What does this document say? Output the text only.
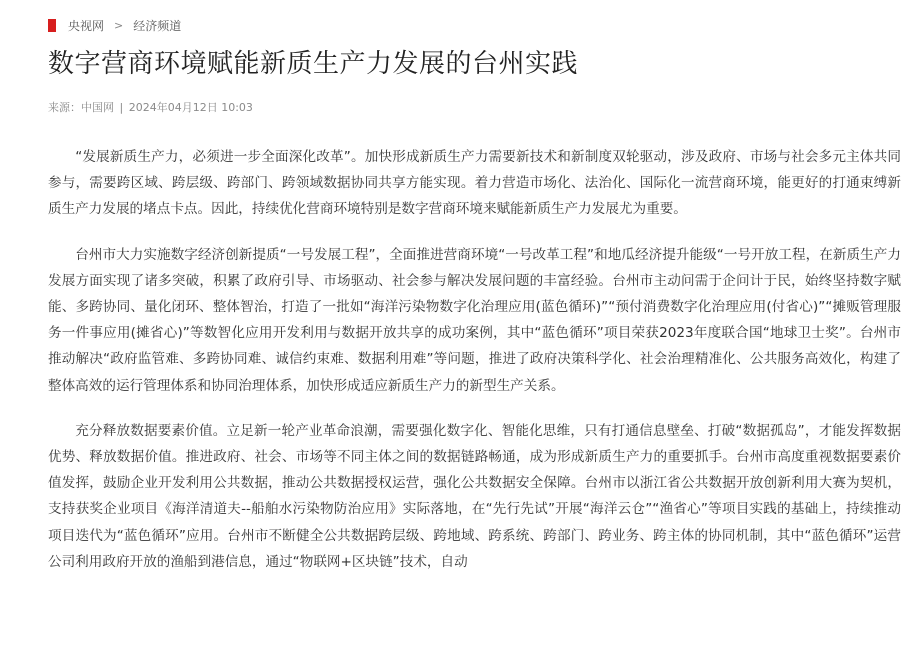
央视网 > 经济频道
数字营商环境赋能新质生产力发展的台州实践
来源：中国网 | 2024年04月12日 10:03

“发展新质生产力，必须进一步全面深化改革”。加快形成新质生产力需要新技术和新制度双轮驱动，涉及政府、市场与社会多元主体共同参与，需要跨区域、跨层级、跨部门、跨领域数据协同共享方能实现。着力营造市场化、法治化、国际化一流营商环境，能更好的打通束缚新质生产力发展的堵点卡点。因此，持续优化营商环境特别是数字营商环境来赋能新质生产力发展尤为重要。

台州市大力实施数字经济创新提质“一号发展工程”，全面推进营商环境“一号改革工程”和地瓜经济提升能级“一号开放工程，在新质生产力发展方面实现了诸多突破，积累了政府引导、市场驱动、社会参与解决发展问题的丰富经验。台州市主动问需于企问计于民，始终坚持数字赋能、多跨协同、量化闭环、整体智治，打造了一批如“海洋污染物数字化治理应用(蓝色循环)”“预付消费数字化治理应用(付省心)”“摊贩管理服务一件事应用(摊省心)”等数智化应用开发利用与数据开放共享的成功案例，其中“蓝色循环”项目荣获2023年度联合国“地球卫士奖”。台州市推动解决“政府监管难、多跨协同难、诚信约束难、数据利用难”等问题，推进了政府决策科学化、社会治理精准化、公共服务高效化，构建了整体高效的运行管理体系和协同治理体系，加快形成适应新质生产力的新型生产关系。

充分释放数据要素价值。立足新一轮产业革命浪潮，需要强化数字化、智能化思维，只有打通信息壁垒、打破“数据孤岛”，才能发挥数据优势、释放数据价值。推进政府、社会、市场等不同主体之间的数据链路畅通，成为形成新质生产力的重要抓手。台州市高度重视数据要素价值发挥，鼓励企业开发利用公共数据，推动公共数据授权运营，强化公共数据安全保障。台州市以浙江省公共数据开放创新利用大赛为契机，支持获奖企业项目《海洋清道夫--船舶水污染物防治应用》实际落地，在“先行先试”开展“海洋云仓”“渔省心”等项目实践的基础上，持续推动项目迭代为“蓝色循环”应用。台州市不断健全公共数据跨层级、跨地域、跨系统、跨部门、跨业务、跨主体的协同机制，其中“蓝色循环”运营公司利用政府开放的渔船到港信息，通过“物联网+区块链”技术，自动
